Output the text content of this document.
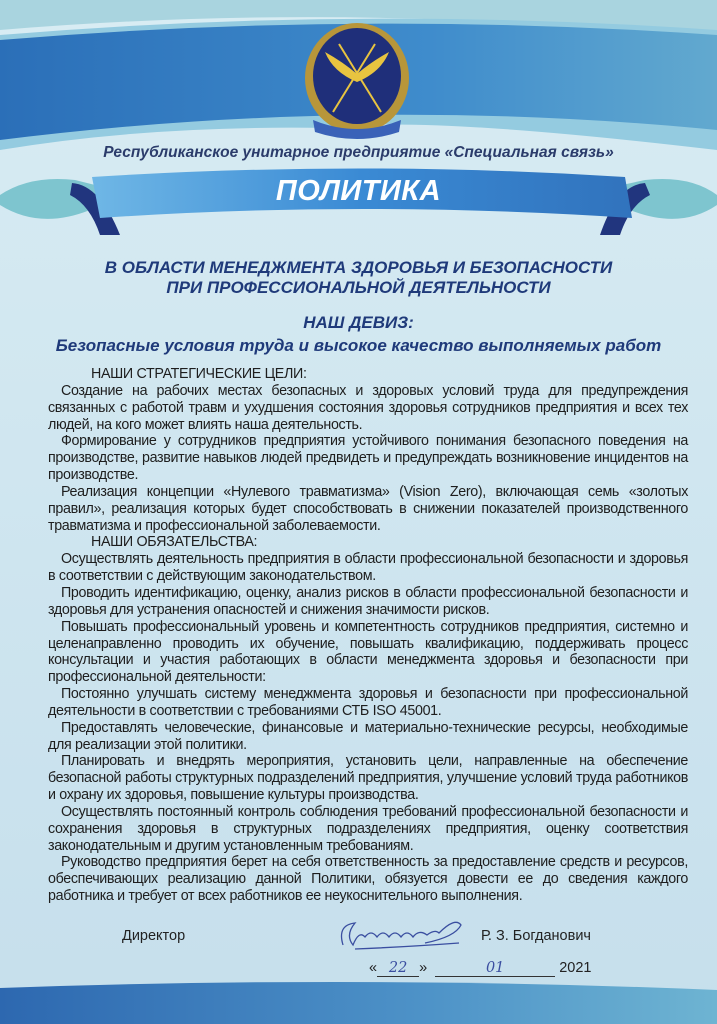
Республиканское унитарное предприятие «Специальная связь»
ПОЛИТИКА
В ОБЛАСТИ МЕНЕДЖМЕНТА ЗДОРОВЬЯ И БЕЗОПАСНОСТИ
ПРИ ПРОФЕССИОНАЛЬНОЙ ДЕЯТЕЛЬНОСТИ
НАШ ДЕВИЗ:
Безопасные условия труда и высокое качество выполняемых работ

НАШИ СТРАТЕГИЧЕСКИЕ ЦЕЛИ:

Создание на рабочих местах безопасных и здоровых условий труда для предупреждения связанных с работой травм и ухудшения состояния здоровья сотрудников предприятия и всех тех людей, на кого может влиять наша деятельность.

Формирование у сотрудников предприятия устойчивого понимания безопасного поведения на производстве, развитие навыков людей предвидеть и предупреждать возникновение инцидентов на производстве.

Реализация концепции «Нулевого травматизма» (Vision Zero), включающая семь «золотых правил», реализация которых будет способствовать в снижении показателей производственного травматизма и профессиональной заболеваемости.

НАШИ ОБЯЗАТЕЛЬСТВА:

Осуществлять деятельность предприятия в области профессиональной безопасности и здоровья в соответствии с действующим законодательством.

Проводить идентификацию, оценку, анализ рисков в области профессиональной безопасности и здоровья для устранения опасностей и снижения значимости рисков.

Повышать профессиональный уровень и компетентность сотрудников предприятия, системно и целенаправленно проводить их обучение, повышать квалификацию, поддерживать процесс консультации и участия работающих в области менеджмента здоровья и безопасности при профессиональной деятельности:

Постоянно улучшать систему менеджмента здоровья и безопасности при профессиональной деятельности в соответствии с требованиями СТБ ISO 45001.

Предоставлять человеческие, финансовые и материально-технические ресурсы, необходимые для реализации этой политики.

Планировать и внедрять мероприятия, установить цели, направленные на обеспечение безопасной работы структурных подразделений предприятия, улучшение условий труда работников и охрану их здоровья, повышение культуры производства.

Осуществлять постоянный контроль соблюдения требований профессиональной безопасности и сохранения здоровья в структурных подразделениях предприятия, оценку соответствия законодательным и другим установленным требованиям.

Руководство предприятия берет на себя ответственность за предоставление средств и ресурсов, обеспечивающих реализацию данной Политики, обязуется довести ее до сведения каждого работника и требует от всех работников ее неукоснительного выполнения.

Директор	Р. З. Богданович
« 22 »	01	2021
